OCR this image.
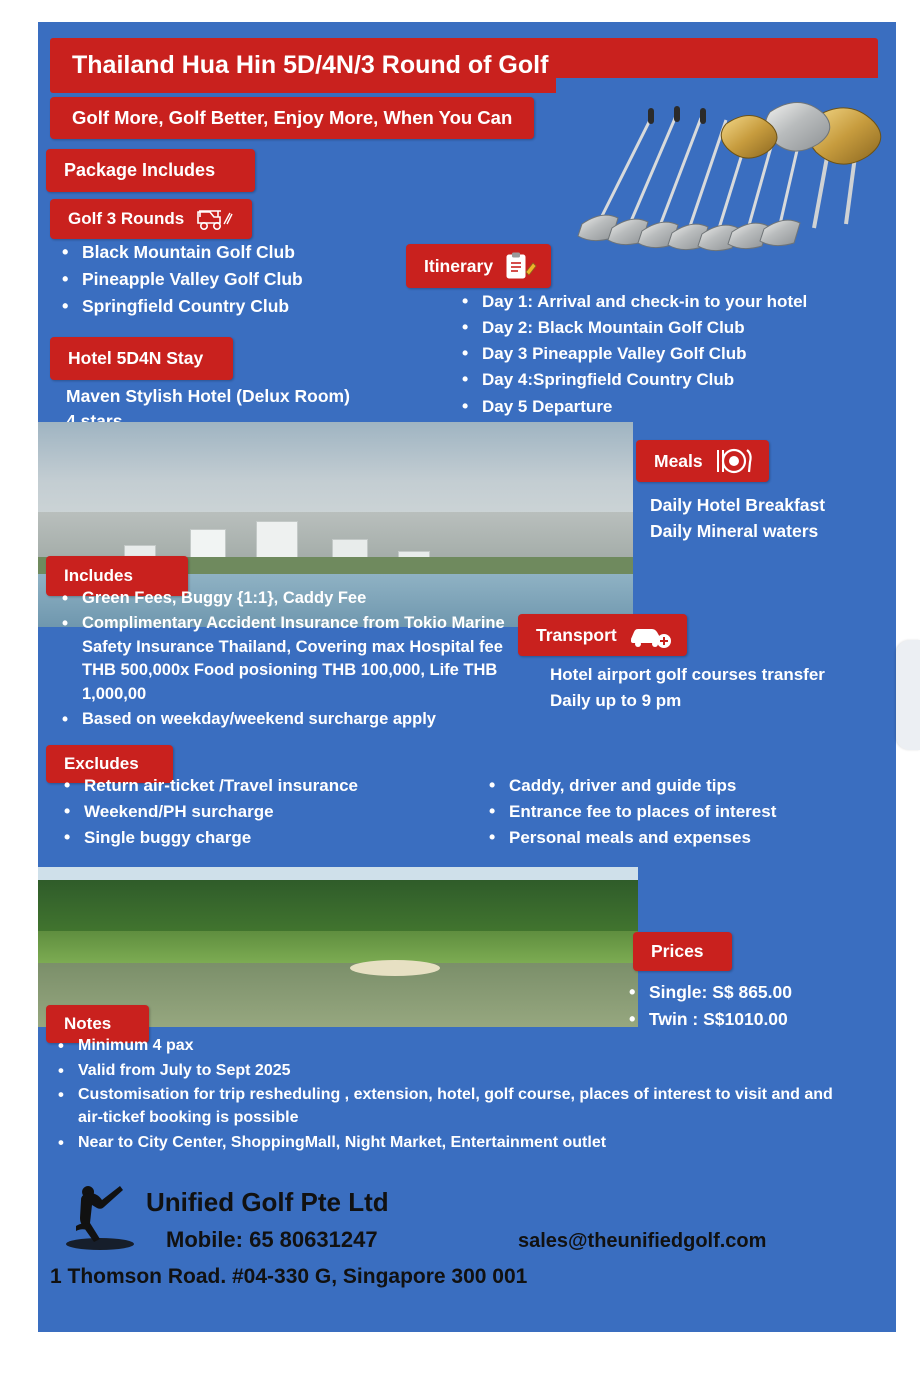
Thailand Hua Hin 5D/4N/3 Round of Golf
Golf More, Golf Better, Enjoy More, When You Can
Package Includes
Golf 3 Rounds
• Black Mountain Golf Club
• Pineapple Valley Golf Club
• Springfield Country Club
Itinerary
• Day 1: Arrival and check-in to your hotel
• Day 2: Black Mountain Golf Club
• Day 3 Pineapple Valley Golf Club
• Day 4:Springfield Country Club
• Day 5 Departure
Hotel 5D4N Stay
Maven Stylish Hotel (Delux Room)
Meals
Daily Hotel Breakfast
Daily Mineral waters
Includes
• Green Fees, Buggy {1:1}, Caddy Fee
• Complimentary Accident Insurance from Tokio Marine Safety Insurance Thailand, Covering max Hospital fee THB 500,000x Food posioning THB 100,000, Life THB 1,000,00
• Based on weekday/weekend surcharge apply
Transport
Hotel airport golf courses transfer
Daily up to 9 pm
Excludes
• Return air-ticket /Travel insurance
• Weekend/PH surcharge
• Single buggy charge
• Caddy, driver and guide tips
• Entrance fee to places of interest
• Personal meals and expenses
Prices
• Single: S$ 865.00
• Twin : S$1010.00
Notes
• Minimum 4 pax
• Valid from July to Sept 2025
• Customisation for trip resheduling , extension, hotel, golf course, places of interest to visit and and air-tickef booking is possible
• Near to City Center, ShoppingMall, Night Market, Entertainment outlet
Unified Golf Pte Ltd
Mobile: 65 80631247	sales@theunifiedgolf.com
1 Thomson Road. #04-330 G, Singapore 300 001
